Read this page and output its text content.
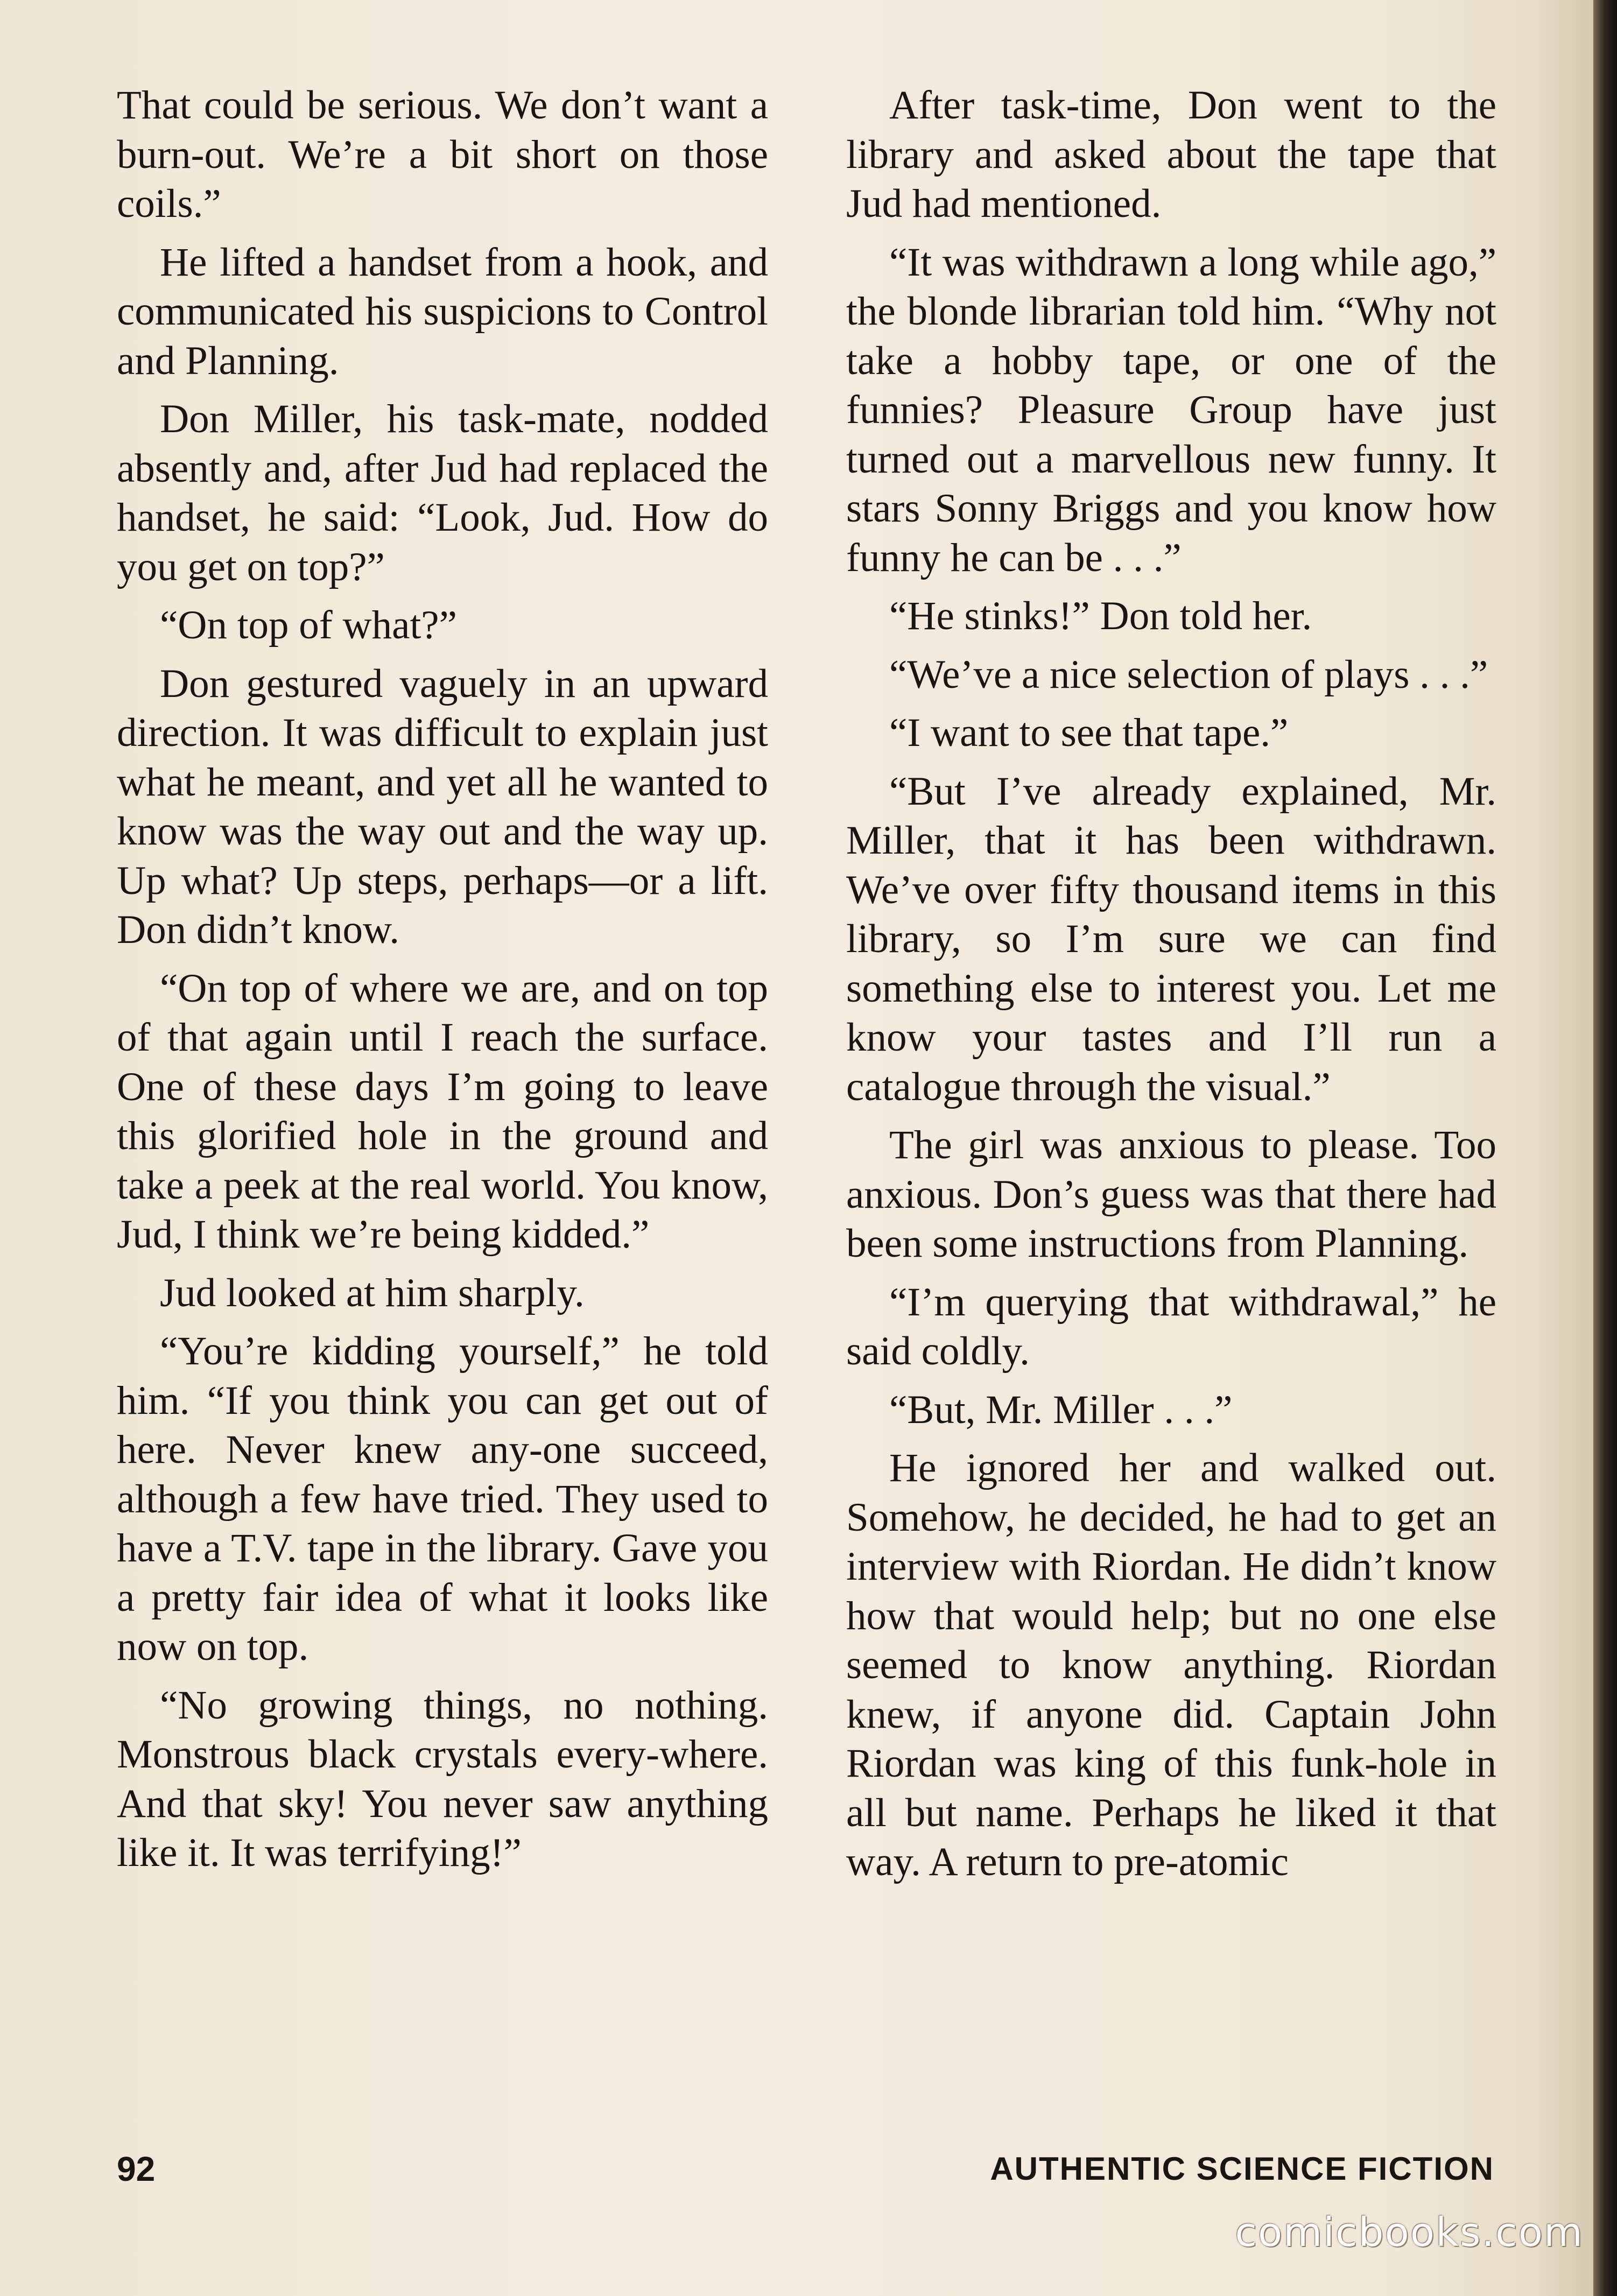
That could be serious. We don’t want a burn-out. We’re a bit short on those coils.”

He lifted a handset from a hook, and communicated his suspicions to Control and Planning.

Don Miller, his task-mate, nodded absently and, after Jud had replaced the handset, he said: “Look, Jud. How do you get on top?”

“On top of what?”

Don gestured vaguely in an upward direction. It was difficult to explain just what he meant, and yet all he wanted to know was the way out and the way up. Up what? Up steps, perhaps—or a lift. Don didn’t know.

“On top of where we are, and on top of that again until I reach the surface. One of these days I’m going to leave this glorified hole in the ground and take a peek at the real world. You know, Jud, I think we’re being kidded.”

Jud looked at him sharply.

“You’re kidding yourself,” he told him. “If you think you can get out of here. Never knew any-one succeed, although a few have tried. They used to have a T.V. tape in the library. Gave you a pretty fair idea of what it looks like now on top.

“No growing things, no nothing. Monstrous black crystals every-where. And that sky! You never saw anything like it. It was terrifying!”

After task-time, Don went to the library and asked about the tape that Jud had mentioned.

“It was withdrawn a long while ago,” the blonde librarian told him. “Why not take a hobby tape, or one of the funnies? Pleasure Group have just turned out a marvellous new funny. It stars Sonny Briggs and you know how funny he can be . . .”

“He stinks!” Don told her.

“We’ve a nice selection of plays . . .”

“I want to see that tape.”

“But I’ve already explained, Mr. Miller, that it has been withdrawn. We’ve over fifty thousand items in this library, so I’m sure we can find something else to interest you. Let me know your tastes and I’ll run a catalogue through the visual.”

The girl was anxious to please. Too anxious. Don’s guess was that there had been some instructions from Planning.

“I’m querying that withdrawal,” he said coldly.

“But, Mr. Miller . . .”

He ignored her and walked out. Somehow, he decided, he had to get an interview with Riordan. He didn’t know how that would help; but no one else seemed to know anything. Riordan knew, if anyone did. Captain John Riordan was king of this funk-hole in all but name. Perhaps he liked it that way. A return to pre-atomic

92	AUTHENTIC SCIENCE FICTION
comicbooks.com
